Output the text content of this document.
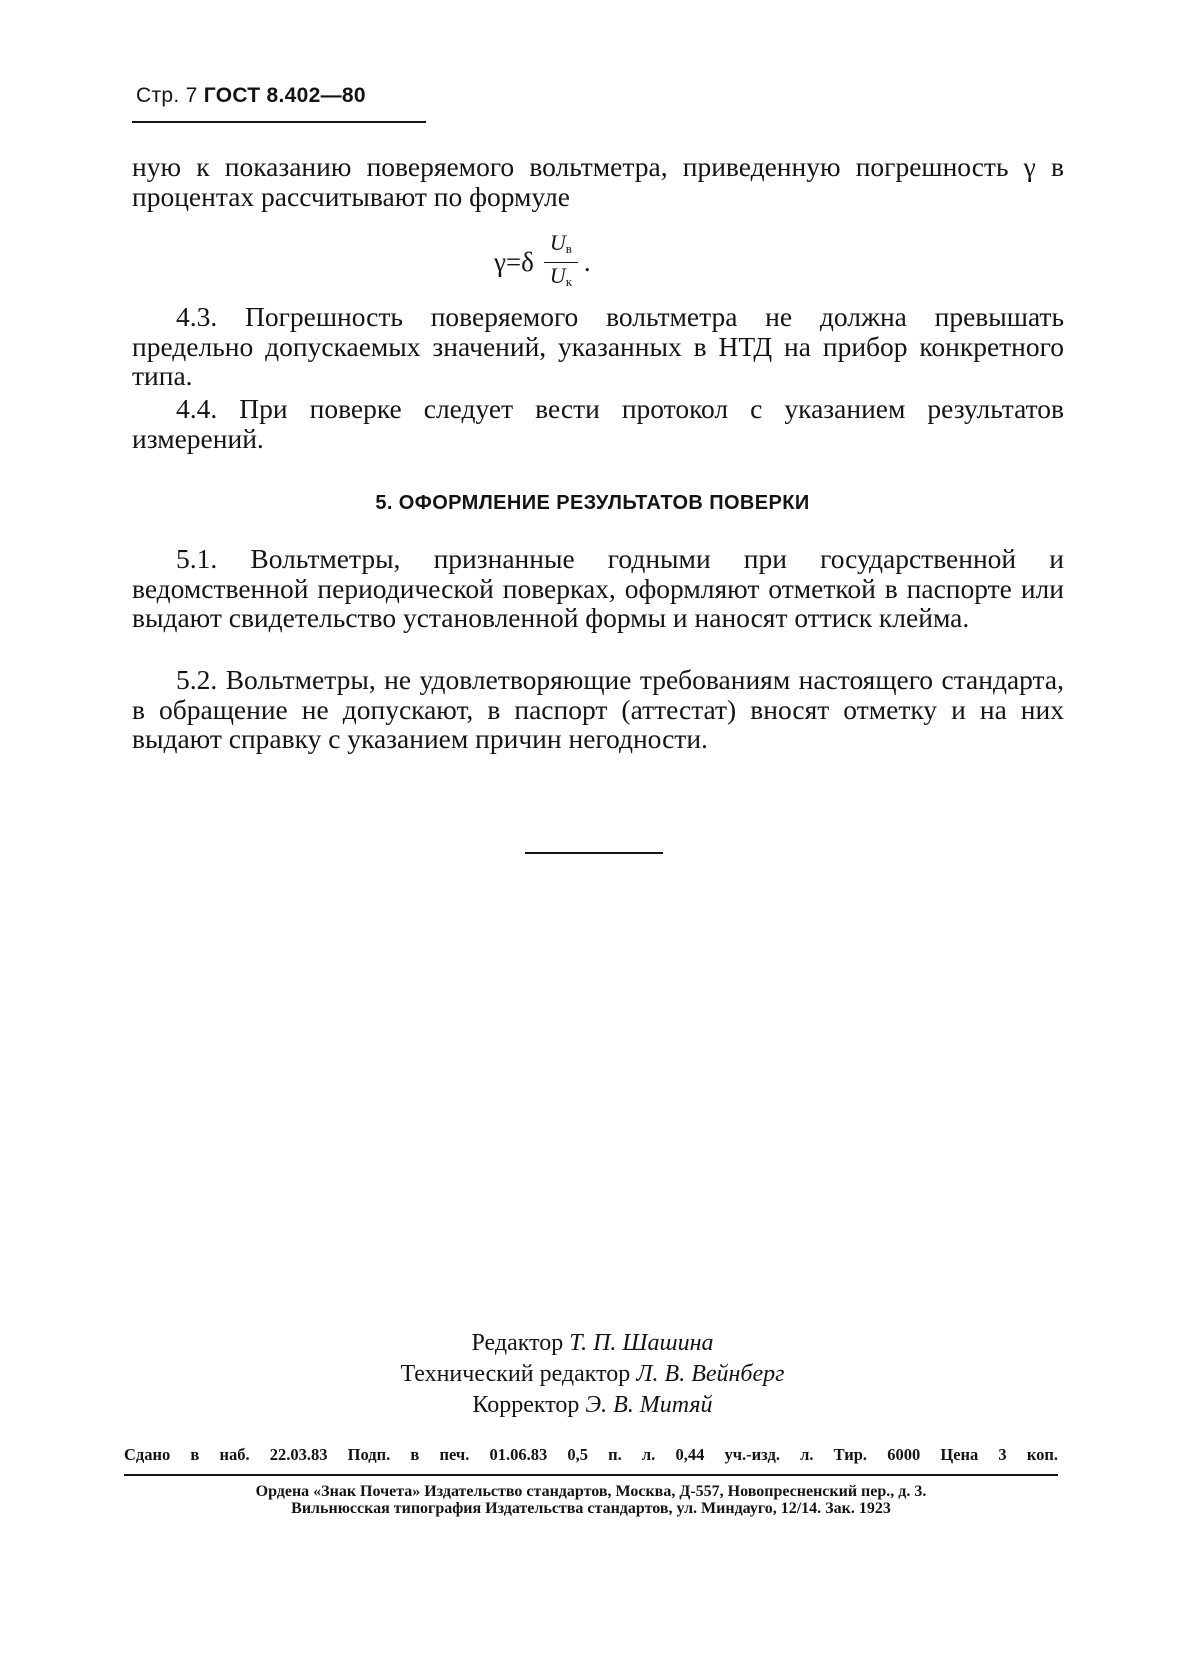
Стр. 7 ГОСТ 8.402—80

ную к показанию поверяемого вольтметра, приведенную погрешность γ в процентах рассчитывают по формуле

$\gamma=\delta \frac{U_в}{U_к}$ .

4.3. Погрешность поверяемого вольтметра не должна превышать предельно допускаемых значений, указанных в НТД на прибор конкретного типа.

4.4. При поверке следует вести протокол с указанием результатов измерений.

5. ОФОРМЛЕНИЕ РЕЗУЛЬТАТОВ ПОВЕРКИ

5.1. Вольтметры, признанные годными при государственной и ведомственной периодической поверках, оформляют отметкой в паспорте или выдают свидетельство установленной формы и наносят оттиск клейма.

5.2. Вольтметры, не удовлетворяющие требованиям настоящего стандарта, в обращение не допускают, в паспорт (аттестат) вносят отметку и на них выдают справку с указанием причин негодности.

Редактор Т. П. Шашина
Технический редактор Л. В. Вейнберг
Корректор Э. В. Митяй
Сдано в наб. 22.03.83 Подп. в печ. 01.06.83 0,5 п. л. 0,44 уч.-изд. л. Тир. 6000 Цена 3 коп.
Ордена «Знак Почета» Издательство стандартов, Москва, Д-557, Новопресненский пер., д. 3.
Вильнюсская типография Издательства стандартов, ул. Миндауго, 12/14. Зак. 1923
